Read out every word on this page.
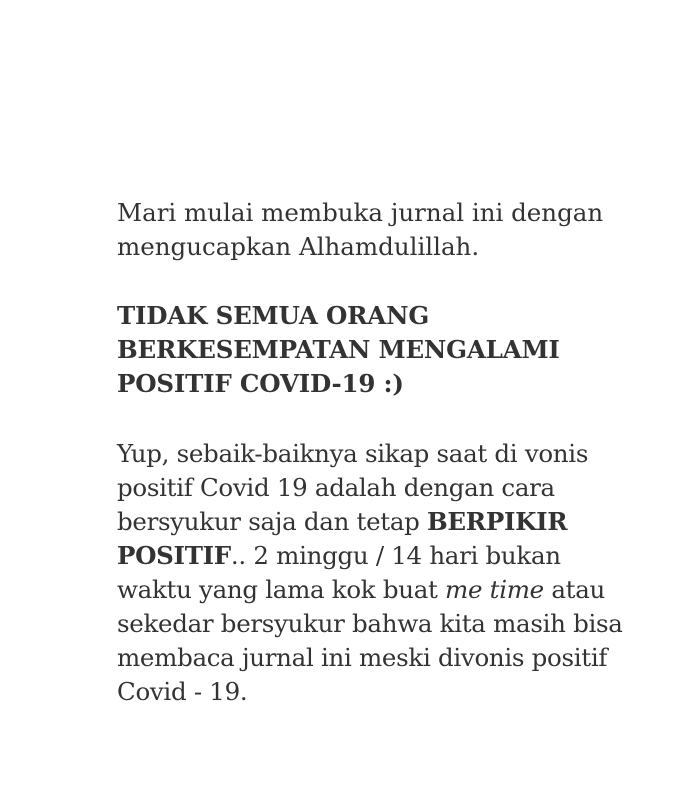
Mari mulai membuka jurnal ini dengan mengucapkan Alhamdulillah.

TIDAK SEMUA ORANG BERKESEMPATAN MENGALAMI POSITIF COVID-19 :)

Yup, sebaik-baiknya sikap saat di vonis positif Covid 19 adalah dengan cara bersyukur saja dan tetap BERPIKIR POSITIF.. 2 minggu / 14 hari bukan waktu yang lama kok buat me time atau sekedar bersyukur bahwa kita masih bisa membaca jurnal ini meski divonis positif Covid - 19.
